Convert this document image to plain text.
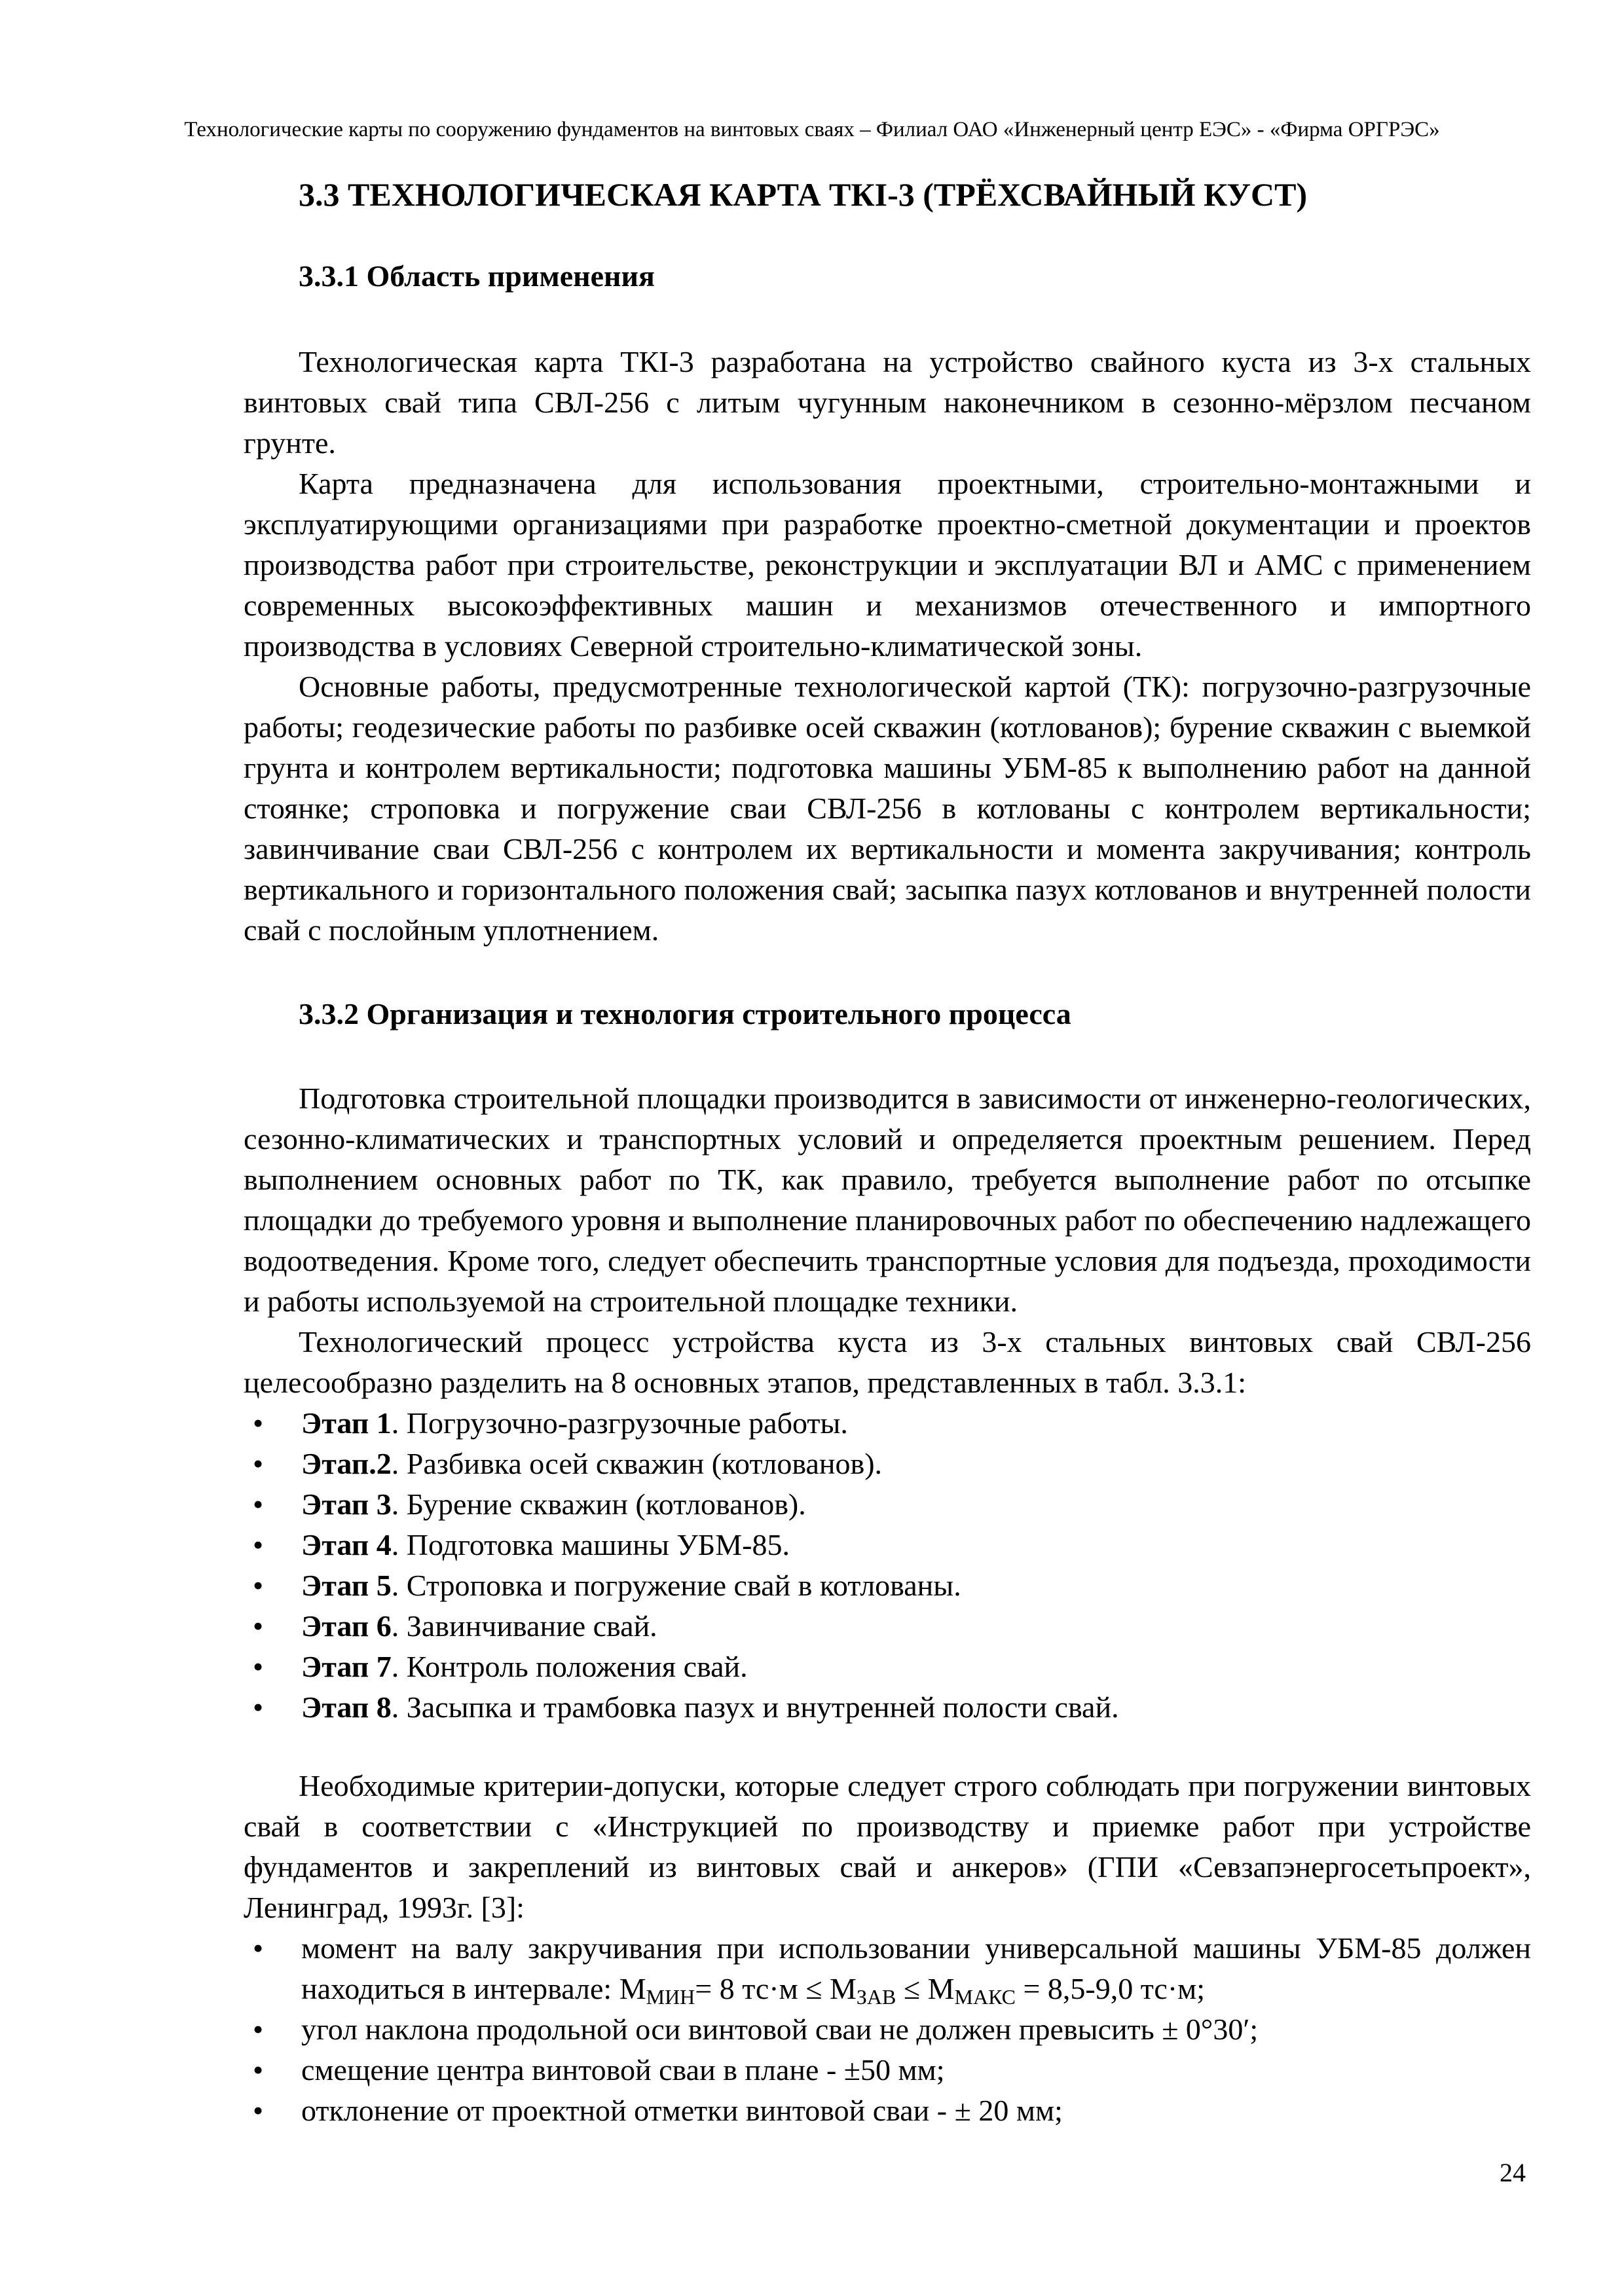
Технологические карты по сооружению фундаментов на винтовых сваях – Филиал ОАО «Инженерный центр ЕЭС» - «Фирма ОРГРЭС»
3.3 ТЕХНОЛОГИЧЕСКАЯ КАРТА ТКI-3 (ТРЁХСВАЙНЫЙ КУСТ)
3.3.1 Область применения

Технологическая карта ТКI-3 разработана на устройство свайного куста из 3-х стальных винтовых свай типа СВЛ-256 с литым чугунным наконечником в сезонно-мёрзлом песчаном грунте.

Карта предназначена для использования проектными, строительно-монтажными и эксплуатирующими организациями при разработке проектно-сметной документации и проектов производства работ при строительстве, реконструкции и эксплуатации ВЛ и АМС с применением современных высокоэффективных машин и механизмов отечественного и импортного производства в условиях Северной строительно-климатической зоны.

Основные работы, предусмотренные технологической картой (ТК): погрузочно-разгрузочные работы; геодезические работы по разбивке осей скважин (котлованов); бурение скважин с выемкой грунта и контролем вертикальности; подготовка машины УБМ-85 к выполнению работ на данной стоянке; строповка и погружение сваи СВЛ-256 в котлованы с контролем вертикальности; завинчивание сваи СВЛ-256 с контролем их вертикальности и момента закручивания; контроль вертикального и горизонтального положения свай; засыпка пазух котлованов и внутренней полости свай с послойным уплотнением.

3.3.2 Организация и технология строительного процесса

Подготовка строительной площадки производится в зависимости от инженерно-геологических, сезонно-климатических и транспортных условий и определяется проектным решением. Перед выполнением основных работ по ТК, как правило, требуется выполнение работ по отсыпке площадки до требуемого уровня и выполнение планировочных работ по обеспечению надлежащего водоотведения. Кроме того, следует обеспечить транспортные условия для подъезда, проходимости и работы используемой на строительной площадке техники.

Технологический процесс устройства куста из 3-х стальных винтовых свай СВЛ-256 целесообразно разделить на 8 основных этапов, представленных в табл. 3.3.1:

• Этап 1. Погрузочно-разгрузочные работы.
• Этап.2. Разбивка осей скважин (котлованов).
• Этап 3. Бурение скважин (котлованов).
• Этап 4. Подготовка машины УБМ-85.
• Этап 5. Строповка и погружение свай в котлованы.
• Этап 6. Завинчивание свай.
• Этап 7. Контроль положения свай.
• Этап 8. Засыпка и трамбовка пазух и внутренней полости свай.

Необходимые критерии-допуски, которые следует строго соблюдать при погружении винтовых свай в соответствии с «Инструкцией по производству и приемке работ при устройстве фундаментов и закреплений из винтовых свай и анкеров» (ГПИ «Севзапэнергосетьпроект», Ленинград, 1993г. [3]:

• момент на валу закручивания при использовании универсальной машины УБМ-85 должен находиться в интервале: $М_{МИН}= 8$ $тс\cdot м \le М_{ЗАВ} \le М_{МАКС} = 8,5-9,0$ тс·м;
• угол наклона продольной оси винтовой сваи не должен превысить ± 0°30′;
• смещение центра винтовой сваи в плане - ±50 мм;
• отклонение от проектной отметки винтовой сваи - ± 20 мм;
24
